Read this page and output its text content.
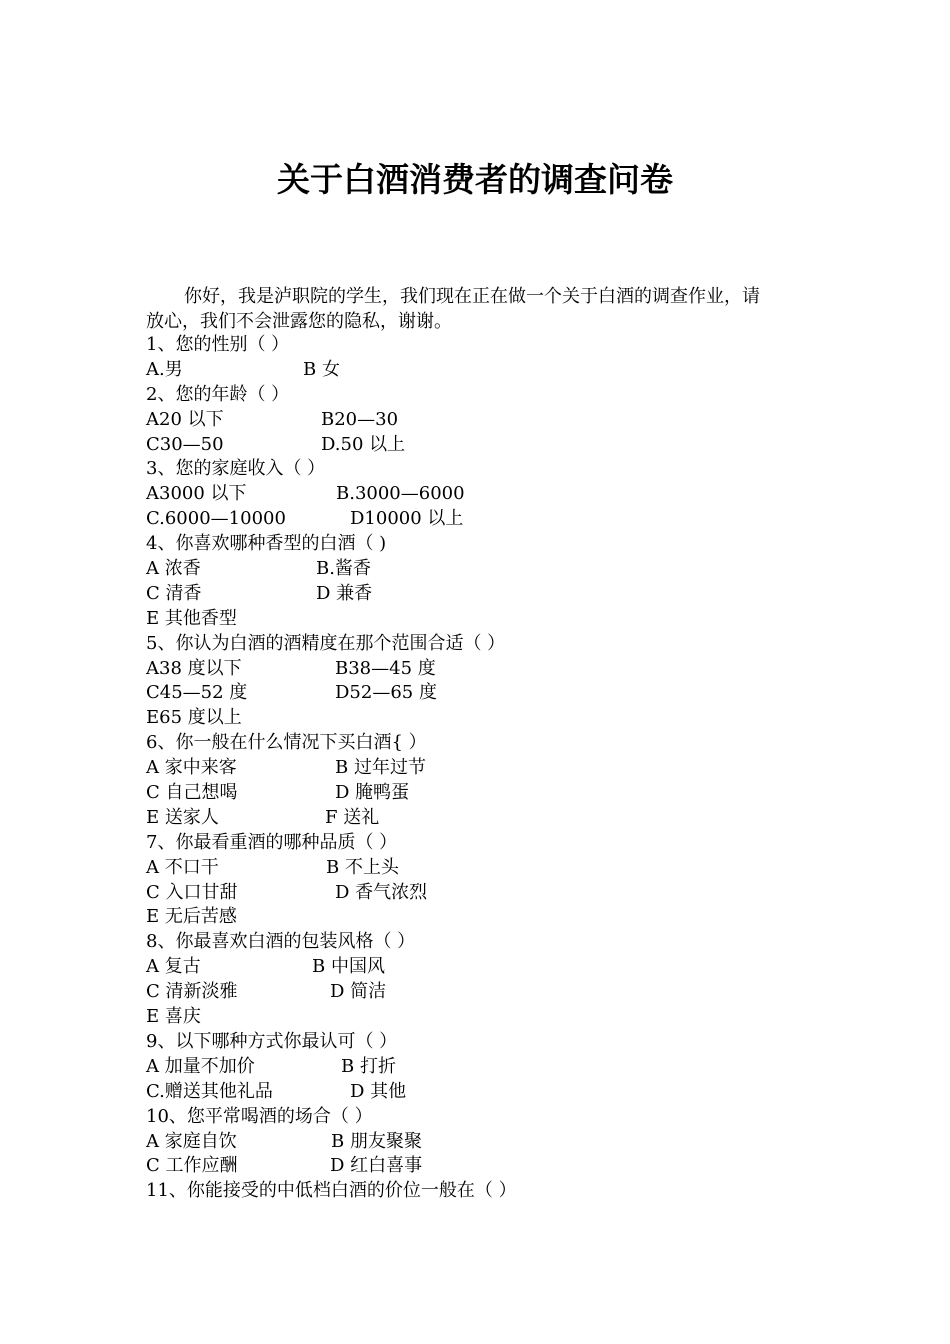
关于白酒消费者的调查问卷
你好，我是泸职院的学生，我们现在正在做一个关于白酒的调查作业，请
放心，我们不会泄露您的隐私，谢谢。
1、您的性别（ ）
A.男	B 女
2、您的年龄（ ）
A20 以下	B20—30
C30—50	D.50 以上
3、您的家庭收入（ ）
A3000 以下	B.3000—6000
C.6000—10000	D10000 以上
4、你喜欢哪种香型的白酒（ )
A 浓香	B.酱香
C 清香	D 兼香
E 其他香型
5、你认为白酒的酒精度在那个范围合适（ ）
A38 度以下	B38—45 度
C45—52 度	D52—65 度
E65 度以上
6、你一般在什么情况下买白酒{ ）
A 家中来客	B 过年过节
C 自己想喝	D 腌鸭蛋
E 送家人	F 送礼
7、你最看重酒的哪种品质（ ）
A 不口干	B 不上头
C 入口甘甜	D 香气浓烈
E 无后苦感
8、你最喜欢白酒的包装风格（ ）
A 复古	B 中国风
C 清新淡雅	D 简洁
E 喜庆
9、以下哪种方式你最认可（ ）
A 加量不加价	B 打折
C.赠送其他礼品	D 其他
10、您平常喝酒的场合（ ）
A 家庭自饮	B 朋友聚聚
C 工作应酬	D 红白喜事
11、你能接受的中低档白酒的价位一般在（ ）
